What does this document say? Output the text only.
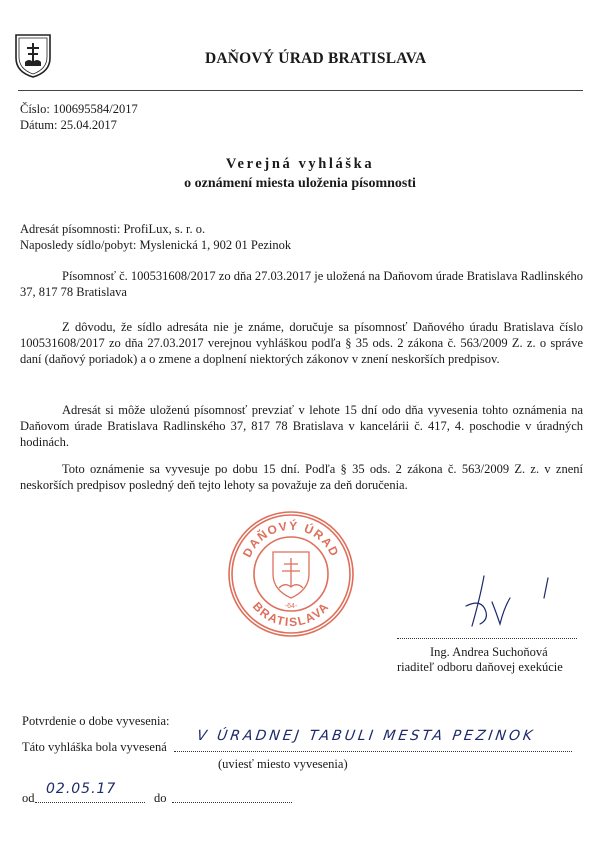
DAŇOVÝ ÚRAD BRATISLAVA
Číslo: 100695584/2017
Dátum: 25.04.2017
Verejná vyhláška
o oznámení miesta uloženia písomnosti
Adresát písomnosti: ProfiLux, s. r. o.
Naposledy sídlo/pobyt: Myslenická 1, 902 01 Pezinok

Písomnosť č. 100531608/2017 zo dňa 27.03.2017 je uložená na Daňovom úrade Bratislava Radlinského 37, 817 78 Bratislava

Z dôvodu, že sídlo adresáta nie je známe, doručuje sa písomnosť Daňového úradu Bratislava číslo 100531608/2017 zo dňa 27.03.2017 verejnou vyhláškou podľa § 35 ods. 2 zákona č. 563/2009 Z. z. o správe daní (daňový poriadok) a o zmene a doplnení niektorých zákonov v znení neskorších predpisov.

Adresát si môže uloženú písomnosť prevziať v lehote 15 dní odo dňa vyvesenia tohto oznámenia na Daňovom úrade Bratislava Radlinského 37, 817 78 Bratislava v kancelárii č. 417, 4. poschodie v úradných hodinách.

Toto oznámenie sa vyvesuje po dobu 15 dní. Podľa § 35 ods. 2 zákona č. 563/2009 Z. z. v znení neskorších predpisov posledný deň tejto lehoty sa považuje za deň doručenia.

DAŇOVÝ ÚRAD
BRATISLAVA
-64-
Ing. Andrea Suchoňová
riaditeľ odboru daňovej exekúcie
Potvrdenie o dobe vyvesenia:
Táto vyhláška bola vyvesená
V ÚRADNEJ TABULI MESTA PEZINOK
(uviesť miesto vyvesenia)
od
02.05.17
do
